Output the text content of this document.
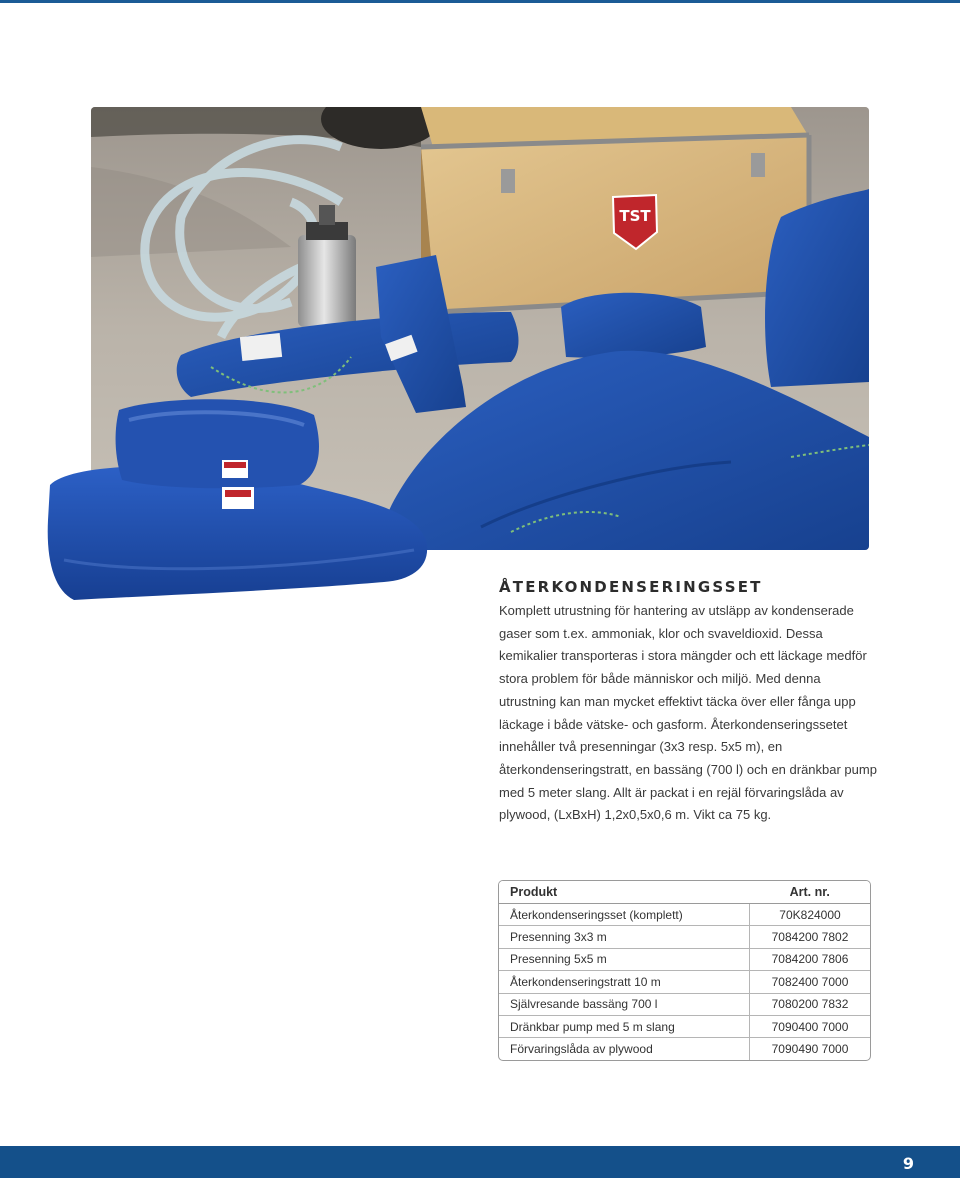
TST
ÅTERKONDENSERINGSSET

Komplett utrustning för hantering av utsläpp av kondenserade gaser som t.ex. ammoniak, klor och svaveldioxid. Dessa kemikalier transporteras i stora mängder och ett läckage medför stora problem för både människor och miljö. Med denna utrustning kan man mycket effektivt täcka över eller fånga upp läckage i både vätske- och gasform. Återkondenseringssetet innehåller två presenningar (3x3 resp. 5x5 m), en återkondenseringstratt, en bassäng (700 l) och en dränkbar pump med 5 meter slang. Allt är packat i en rejäl förvaringslåda av plywood, (LxBxH) 1,2x0,5x0,6 m. Vikt ca 75 kg.

Produkt	Art. nr.
Återkondenseringsset (komplett)	70K824000
Presenning 3x3 m	7084200 7802
Presenning 5x5 m	7084200 7806
Återkondenseringstratt 10 m	7082400 7000
Självresande bassäng 700 l	7080200 7832
Dränkbar pump med 5 m slang	7090400 7000
Förvaringslåda av plywood	7090490 7000
9
